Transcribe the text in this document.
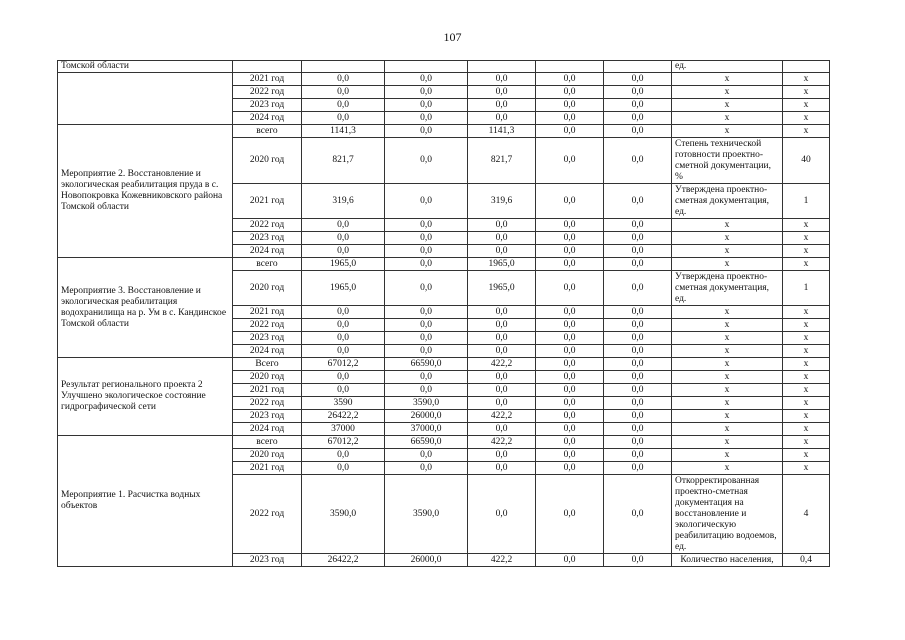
107
Томской области							ед.	
	2021 год	0,0	0,0	0,0	0,0	0,0	х	х
	2022 год	0,0	0,0	0,0	0,0	0,0	х	х
	2023 год	0,0	0,0	0,0	0,0	0,0	х	х
	2024 год	0,0	0,0	0,0	0,0	0,0	х	х
Мероприятие 2. Восстановление и экологическая реабилитация пруда в с. Новопокровка Кожевниковского района Томской области	всего	1141,3	0,0	1141,3	0,0	0,0	х	х
	2020 год	821,7	0,0	821,7	0,0	0,0	Степень технической готовности проектно-сметной документации, %	40
	2021 год	319,6	0,0	319,6	0,0	0,0	Утверждена проектно-сметная документация, ед.	1
	2022 год	0,0	0,0	0,0	0,0	0,0	х	х
	2023 год	0,0	0,0	0,0	0,0	0,0	х	х
	2024 год	0,0	0,0	0,0	0,0	0,0	х	х
Мероприятие 3. Восстановление и экологическая реабилитация водохранилища на р. Ум в с. Кандинское Томской области	всего	1965,0	0,0	1965,0	0,0	0,0	х	х
	2020 год	1965,0	0,0	1965,0	0,0	0,0	Утверждена проектно-сметная документация, ед.	1
	2021 год	0,0	0,0	0,0	0,0	0,0	х	х
	2022 год	0,0	0,0	0,0	0,0	0,0	х	х
	2023 год	0,0	0,0	0,0	0,0	0,0	х	х
	2024 год	0,0	0,0	0,0	0,0	0,0	х	х
Результат регионального проекта 2 Улучшено экологическое состояние гидрографической сети	Всего	67012,2	66590,0	422,2	0,0	0,0	х	х
	2020 год	0,0	0,0	0,0	0,0	0,0	х	х
	2021 год	0,0	0,0	0,0	0,0	0,0	х	х
	2022 год	3590	3590,0	0,0	0,0	0,0	х	х
	2023 год	26422,2	26000,0	422,2	0,0	0,0	х	х
	2024 год	37000	37000,0	0,0	0,0	0,0	х	х
Мероприятие 1. Расчистка водных объектов	всего	67012,2	66590,0	422,2	0,0	0,0	х	х
	2020 год	0,0	0,0	0,0	0,0	0,0	х	х
	2021 год	0,0	0,0	0,0	0,0	0,0	х	х
	2022 год	3590,0	3590,0	0,0	0,0	0,0	Откорректированная проектно-сметная документация на восстановление и экологическую реабилитацию водоемов, ед.	4
	2023 год	26422,2	26000,0	422,2	0,0	0,0	Количество населения,	0,4
